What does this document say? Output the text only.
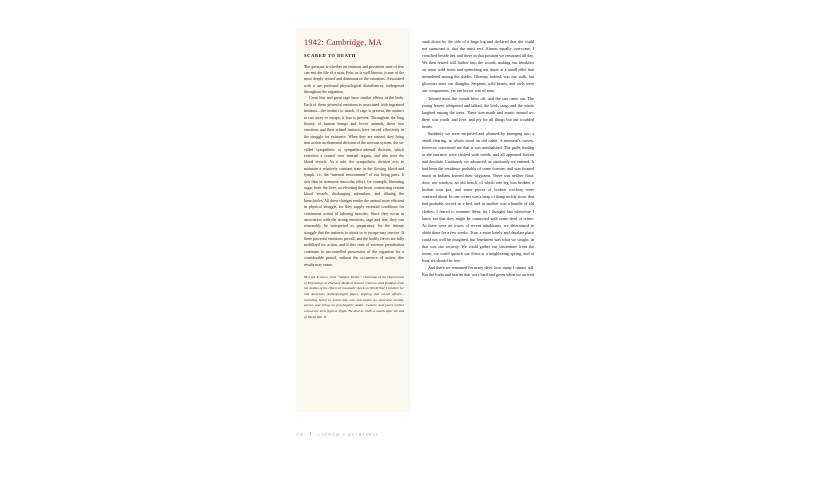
1942: Cambridge, MA
SCARED TO DEATH

The question is whether an ominous and persistent state of fear can end the life of a man. Fear, as is well known, is one of the most deeply rooted and dominant of the emotions. Associated with it are profound physiological disturbances, widespread throughout the organism.

Great fear and great rage have similar effects in the body. Each of these powerful emotions is associated with ingrained instincts—the instinct to attack, if rage is present, the instinct to run away or escape, if fear is present. Throughout the long history of human beings and lower animals, these two emotions and their related instincts have served effectively in the struggle for existence. When they are roused, they bring into action an elemental division of the nervous system, the so-called sympathetic or sympathico-adrenal division, which exercises a control over internal organs, and also over the blood vessels. As a rule, the sympathetic division acts to maintain a relatively constant state in the flowing blood and lymph, i.e., the “internal environment” of our living parts. It acts thus in strenuous muscular effort; for example, liberating sugar from the liver, accelerating the heart, contracting certain blood vessels, discharging adrenaline, and dilating the bronchioles. All these changes render the animal more efficient in physical struggle, for they supply essential conditions for continuous action of laboring muscles. Since they occur in association with the strong emotions, rage and fear, they can reasonably be interpreted as preparatory for the intense struggle that the instincts to attack or to escape may involve. If these powerful emotions prevail, and the bodily forces are fully mobilized for action, and if this state of extreme perturbation continues in uncontrolled possession of the organism for a considerable period, without the occurrence of action, dire results may ensue.

Walter Cannon, from “Voodoo Death.” Chairman of the Department of Physiology at Harvard Medical School, Cannon used findings from his studies of the effects of traumatic shock on World War I soldiers for this American Anthropologist paper, arguing that social effects—including belief in witchcraft—can overwhelm an otherwise healthy person and bring on psychogenic death. Cannon had years earlier coined the term fight-or-flight. He died in 1945, a month after the end of World War II.

sunk down by the side of a huge log and declared that she could not surmount it, that she must rest. Almost equally overcome, I crouched beside her, and there in that position we remained till day. We then retired still farther into the woods, making our breakfast on some wild fruits and quenching our thirst at a small rillet that meandered among the shades. Gloomy, indeed, was our walk, but gloomier were our thoughts. Serpents, wild beasts, and owls were our companions, yet our horror was of man.

Toward noon the clouds blew off, and the sun came out. The young leaves whispered and talked, the birds sang, and the winds laughed among the trees. There was mirth and music around us; there was youth, and love, and joy for all things but our troubled hearts.

Suddenly we were surprised and alarmed by emerging into a small clearing, in which stood an old cabin. A moment’s survey, however, convinced me that it was uninhabited. The paths leading to the entrance were choked with weeds, and all appeared forlorn and desolate. Cautiously we advanced, as cautiously we entered. It had been the residence probably of some forester, and was formed much as Indians formed their wigwams. There was neither floor, door, nor window, an old bench, of which one leg was broken, a broken iron pot, and some pieces of broken crockery were scattered about. In one corner was a heap of damp moldy straw that had probably served as a bed, and in another was a bundle of old clothes. I feared to examine them; for I thought, but wherefore I know not that they might be connected with some deed of crime. As there were no traces of recent inhabitants, we determined to abide there for a few weeks. True, a more lonely and desolate place could not well be imagined, but loneliness was what we sought; in that was our security. We could gather our sustenance from the forest, we could quench our thirst at a neighboring spring, and at least we should be free.

And there we remained for many days: how many I cannot tell. But the fruits and berries that were hard and green when we arrived

176	LAPHAM’S QUARTERLY
